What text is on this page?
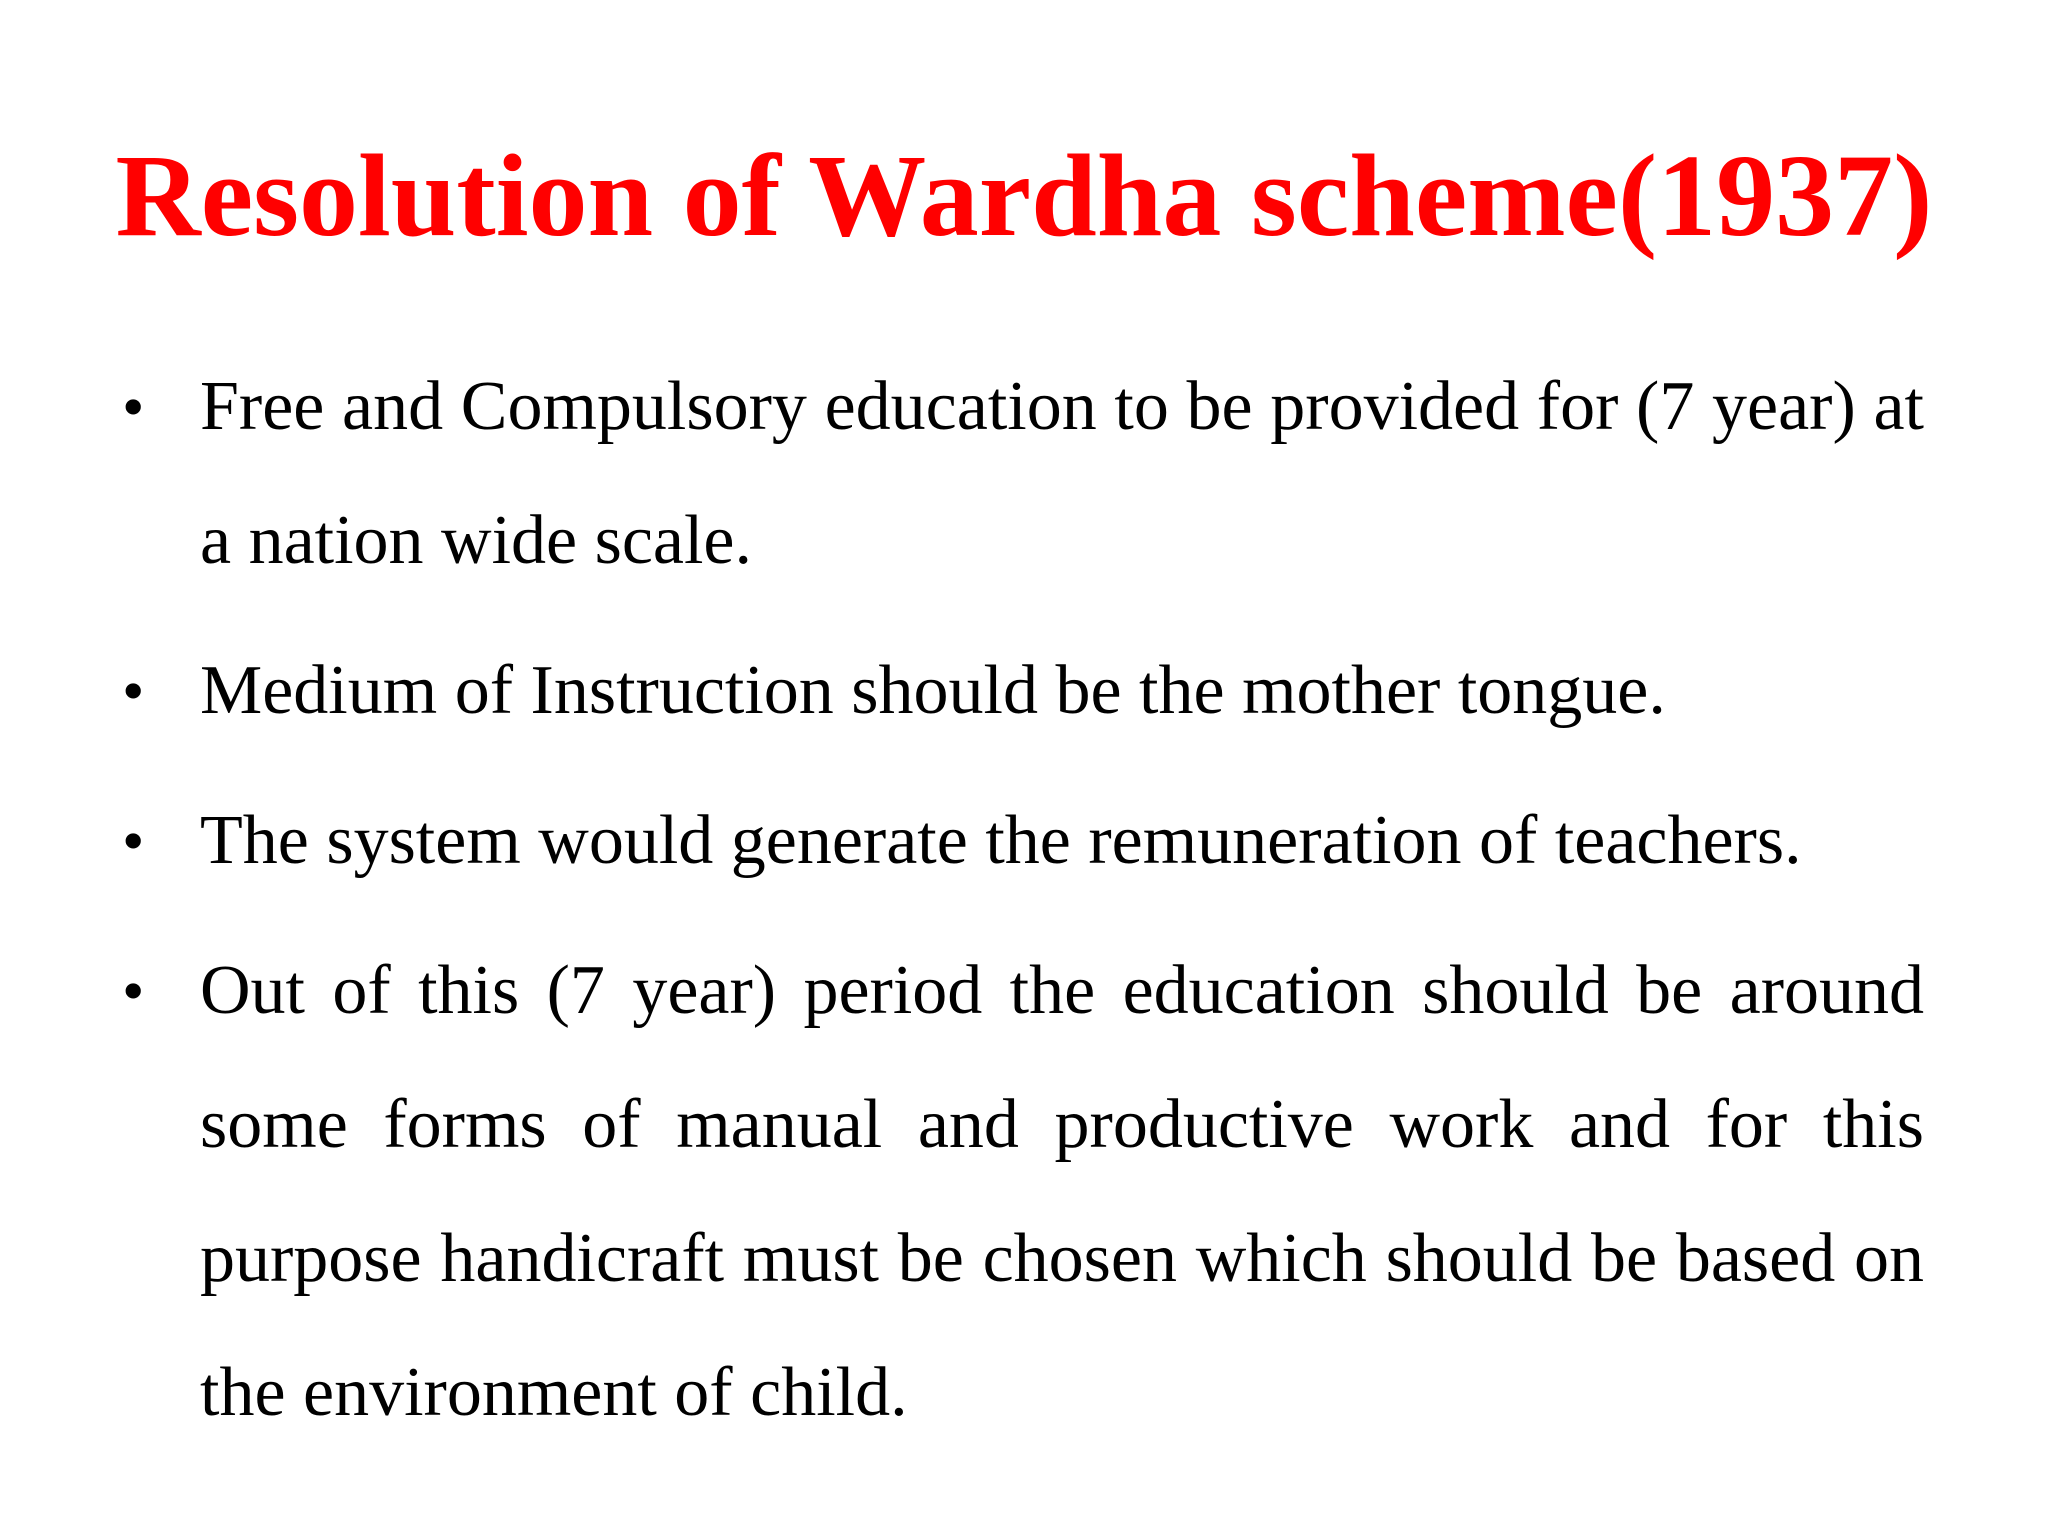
Resolution of Wardha scheme(1937)
• Free and Compulsory education to be provided for (7 year) at a nation wide scale.
• Medium of Instruction should be the mother tongue.
• The system would generate the remuneration of teachers.
• Out of this (7 year) period the education should be around some forms of manual and productive work and for this purpose handicraft must be chosen which should be based on the environment of child.
